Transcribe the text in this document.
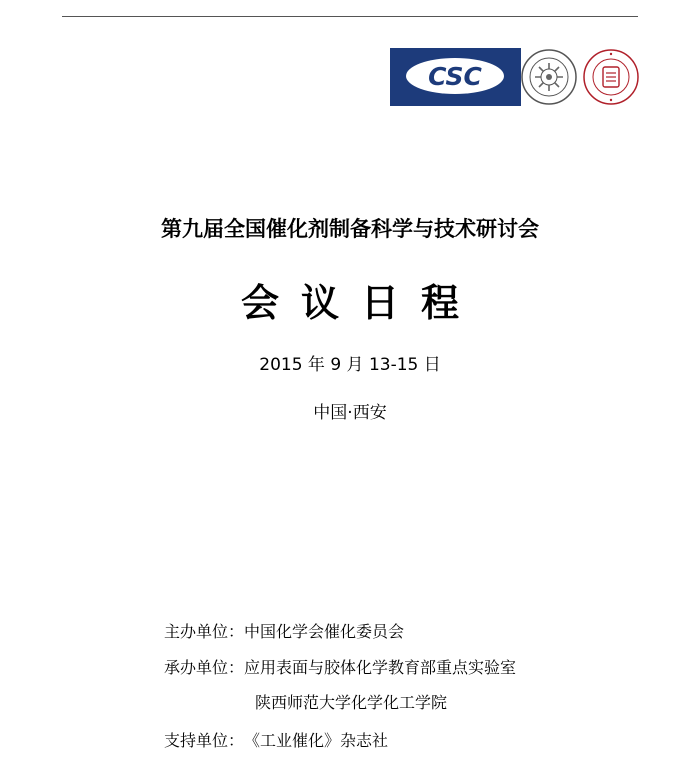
CSC
第九届全国催化剂制备科学与技术研讨会
会议日程
2015 年 9 月 13-15 日
中国·西安
主办单位：中国化学会催化委员会
承办单位：应用表面与胶体化学教育部重点实验室
陕西师范大学化学化工学院
支持单位：《工业催化》杂志社
